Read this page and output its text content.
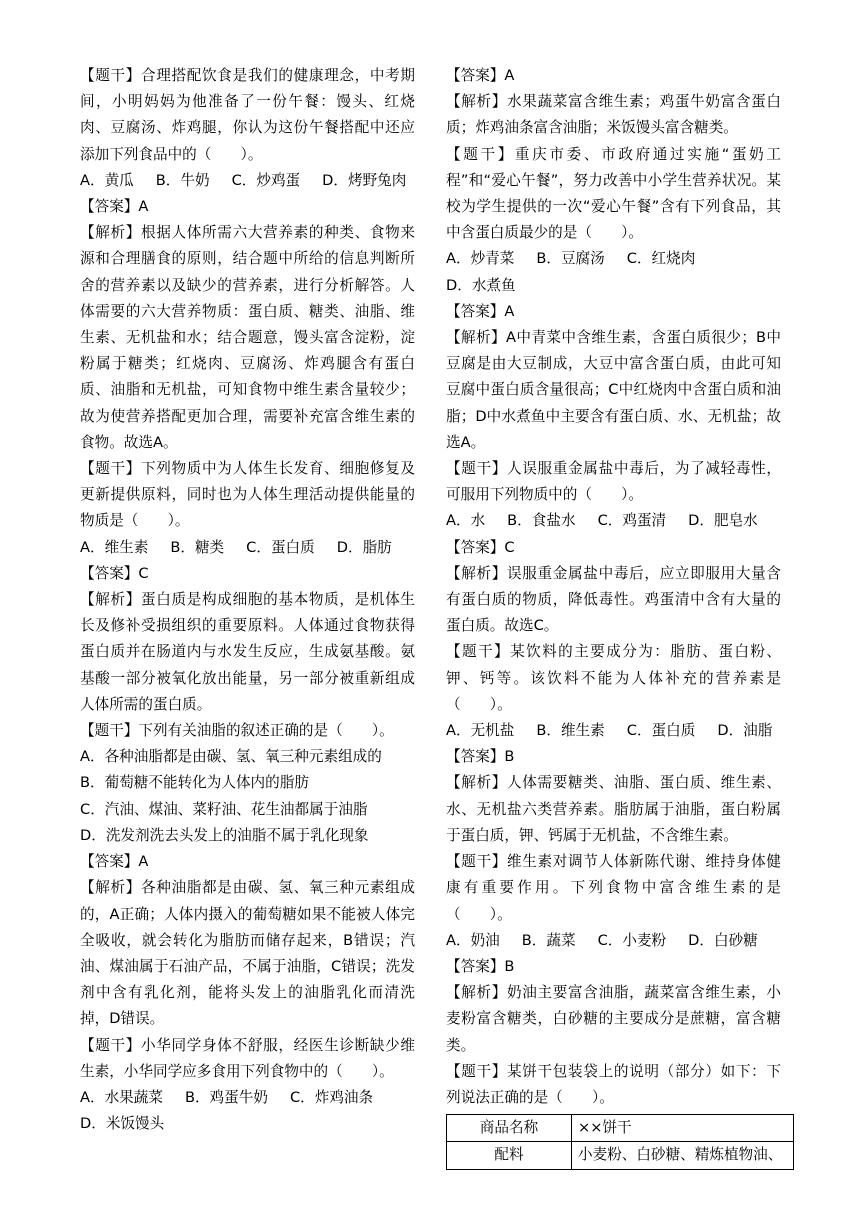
【题干】合理搭配饮食是我们的健康理念，中考期间，小明妈妈为他准备了一份午餐：馒头、红烧肉、豆腐汤、炸鸡腿，你认为这份午餐搭配中还应添加下列食品中的（　　）。

A．黄瓜 B．牛奶 C．炒鸡蛋 D．烤野兔肉

【答案】A

【解析】根据人体所需六大营养素的种类、食物来源和合理膳食的原则，结合题中所给的信息判断所舍的营养素以及缺少的营养素，进行分析解答。人体需要的六大营养物质：蛋白质、糖类、油脂、维生素、无机盐和水；结合题意，馒头富含淀粉，淀粉属于糖类；红烧肉、豆腐汤、炸鸡腿含有蛋白质、油脂和无机盐，可知食物中维生素含量较少；故为使营养搭配更加合理，需要补充富含维生素的食物。故选A。

【题干】下列物质中为人体生长发育、细胞修复及更新提供原料，同时也为人体生理活动提供能量的物质是（　　）。

A．维生素 B．糖类 C．蛋白质 D．脂肪

【答案】C

【解析】蛋白质是构成细胞的基本物质，是机体生长及修补受损组织的重要原料。人体通过食物获得蛋白质并在肠道内与水发生反应，生成氨基酸。氨基酸一部分被氧化放出能量，另一部分被重新组成人体所需的蛋白质。

【题干】下列有关油脂的叙述正确的是（　　）。

A．各种油脂都是由碳、氢、氧三种元素组成的

B．葡萄糖不能转化为人体内的脂肪

C．汽油、煤油、菜籽油、花生油都属于油脂

D．洗发剂洗去头发上的油脂不属于乳化现象

【答案】A

【解析】各种油脂都是由碳、氢、氧三种元素组成的，A正确；人体内摄入的葡萄糖如果不能被人体完全吸收，就会转化为脂肪而储存起来，B错误；汽油、煤油属于石油产品，不属于油脂，C错误；洗发剂中含有乳化剂，能将头发上的油脂乳化而清洗掉，D错误。

【题干】小华同学身体不舒服，经医生诊断缺少维生素，小华同学应多食用下列食物中的（　　）。

A．水果蔬菜 B．鸡蛋牛奶 C．炸鸡油条
D．米饭馒头

【答案】A

【解析】水果蔬菜富含维生素；鸡蛋牛奶富含蛋白质；炸鸡油条富含油脂；米饭馒头富含糖类。

【题干】重庆市委、市政府通过实施“蛋奶工程”和“爱心午餐”，努力改善中小学生营养状况。某校为学生提供的一次“爱心午餐”含有下列食品，其中含蛋白质最少的是（　　）。

A．炒青菜 B．豆腐汤 C．红烧肉
D．水煮鱼

【答案】A

【解析】A中青菜中含维生素，含蛋白质很少；B中豆腐是由大豆制成，大豆中富含蛋白质，由此可知豆腐中蛋白质含量很高；C中红烧肉中含蛋白质和油脂；D中水煮鱼中主要含有蛋白质、水、无机盐；故选A。

【题干】人误服重金属盐中毒后，为了减轻毒性，可服用下列物质中的（　　）。

A．水 B．食盐水 C．鸡蛋清 D．肥皂水

【答案】C

【解析】误服重金属盐中毒后，应立即服用大量含有蛋白质的物质，降低毒性。鸡蛋清中含有大量的蛋白质。故选C。

【题干】某饮料的主要成分为：脂肪、蛋白粉、钾、钙等。该饮料不能为人体补充的营养素是（　　）。

A．无机盐 B．维生素 C．蛋白质 D．油脂

【答案】B

【解析】人体需要糖类、油脂、蛋白质、维生素、水、无机盐六类营养素。脂肪属于油脂，蛋白粉属于蛋白质，钾、钙属于无机盐，不含维生素。

【题干】维生素对调节人体新陈代谢、维持身体健康有重要作用。下列食物中富含维生素的是（　　）。

A．奶油 B．蔬菜 C．小麦粉 D．白砂糖

【答案】B

【解析】奶油主要富含油脂，蔬菜富含维生素，小麦粉富含糖类，白砂糖的主要成分是蔗糖，富含糖类。

【题干】某饼干包装袋上的说明（部分）如下：下列说法正确的是（　　）。

商品名称	××饼干
配料	小麦粉、白砂糖、精炼植物油、
